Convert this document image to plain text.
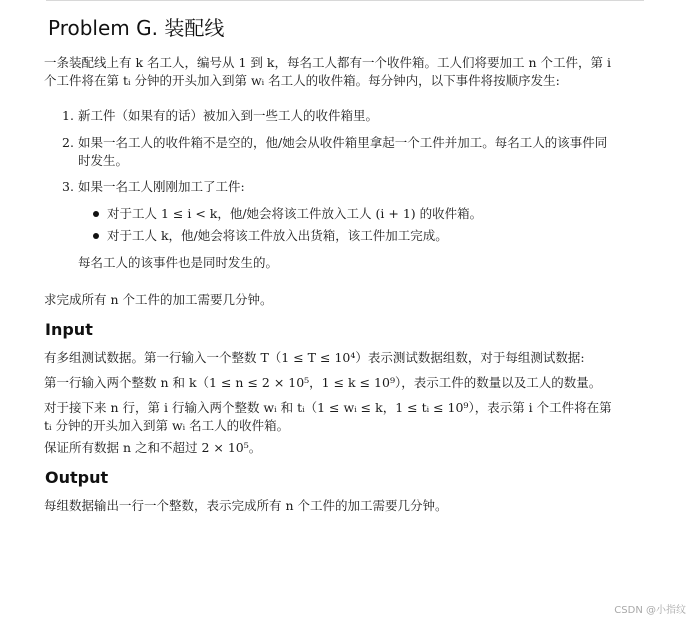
Problem G. 装配线
一条装配线上有 k 名工人，编号从 1 到 k，每名工人都有一个收件箱。工人们将要加工 n 个工件，第 i
个工件将在第 tᵢ 分钟的开头加入到第 wᵢ 名工人的收件箱。每分钟内，以下事件将按顺序发生:
1. 新工件（如果有的话）被加入到一些工人的收件箱里。
2. 如果一名工人的收件箱不是空的，他/她会从收件箱里拿起一个工件并加工。每名工人的该事件同
时发生。
3. 如果一名工人刚刚加工了工件:
对于工人 1 ≤ i < k，他/她会将该工件放入工人 (i + 1) 的收件箱。
对于工人 k，他/她会将该工件放入出货箱，该工件加工完成。
每名工人的该事件也是同时发生的。
求完成所有 n 个工件的加工需要几分钟。
Input
有多组测试数据。第一行输入一个整数 T（1 ≤ T ≤ 10⁴）表示测试数据组数，对于每组测试数据:
第一行输入两个整数 n 和 k（1 ≤ n ≤ 2 × 10⁵，1 ≤ k ≤ 10⁹），表示工件的数量以及工人的数量。
对于接下来 n 行，第 i 行输入两个整数 wᵢ 和 tᵢ（1 ≤ wᵢ ≤ k，1 ≤ tᵢ ≤ 10⁹），表示第 i 个工件将在第
tᵢ 分钟的开头加入到第 wᵢ 名工人的收件箱。
保证所有数据 n 之和不超过 2 × 10⁵。
Output
每组数据输出一行一个整数，表示完成所有 n 个工件的加工需要几分钟。
CSDN @小指纹
